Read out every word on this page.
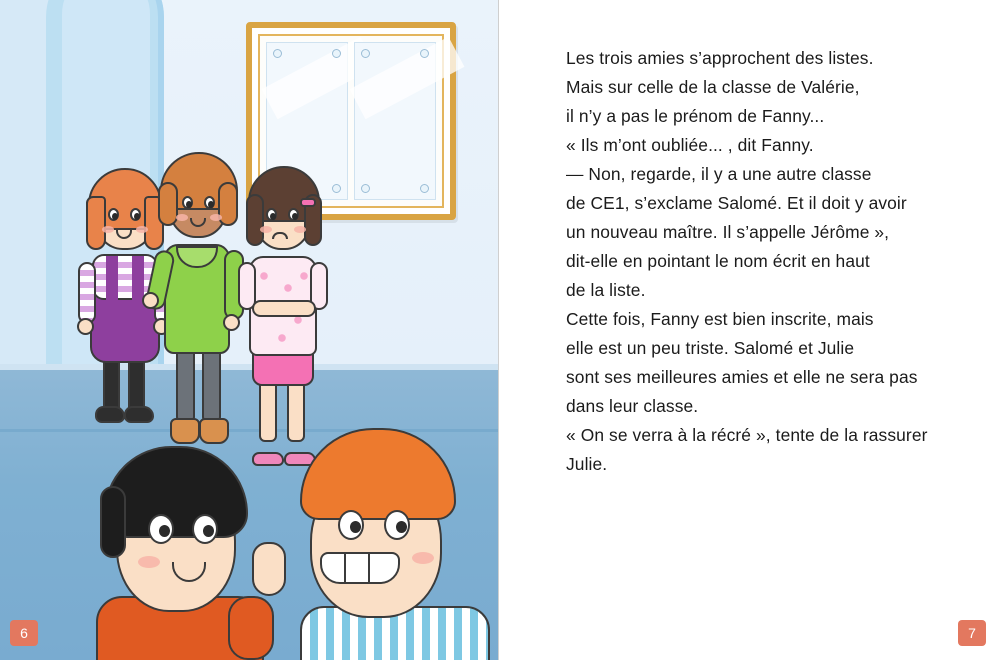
6

Les trois amies s’approchent des listes.

Mais sur celle de la classe de Valérie,

il n’y a pas le prénom de Fanny...

« Ils m’ont oubliée... , dit Fanny.

— Non, regarde, il y a une autre classe

de CE1, s’exclame Salomé. Et il doit y avoir

un nouveau maître. Il s’appelle Jérôme »,

dit-elle en pointant le nom écrit en haut

de la liste.

Cette fois, Fanny est bien inscrite, mais

elle est un peu triste. Salomé et Julie

sont ses meilleures amies et elle ne sera pas

dans leur classe.

« On se verra à la récré », tente de la rassurer

Julie.

7
